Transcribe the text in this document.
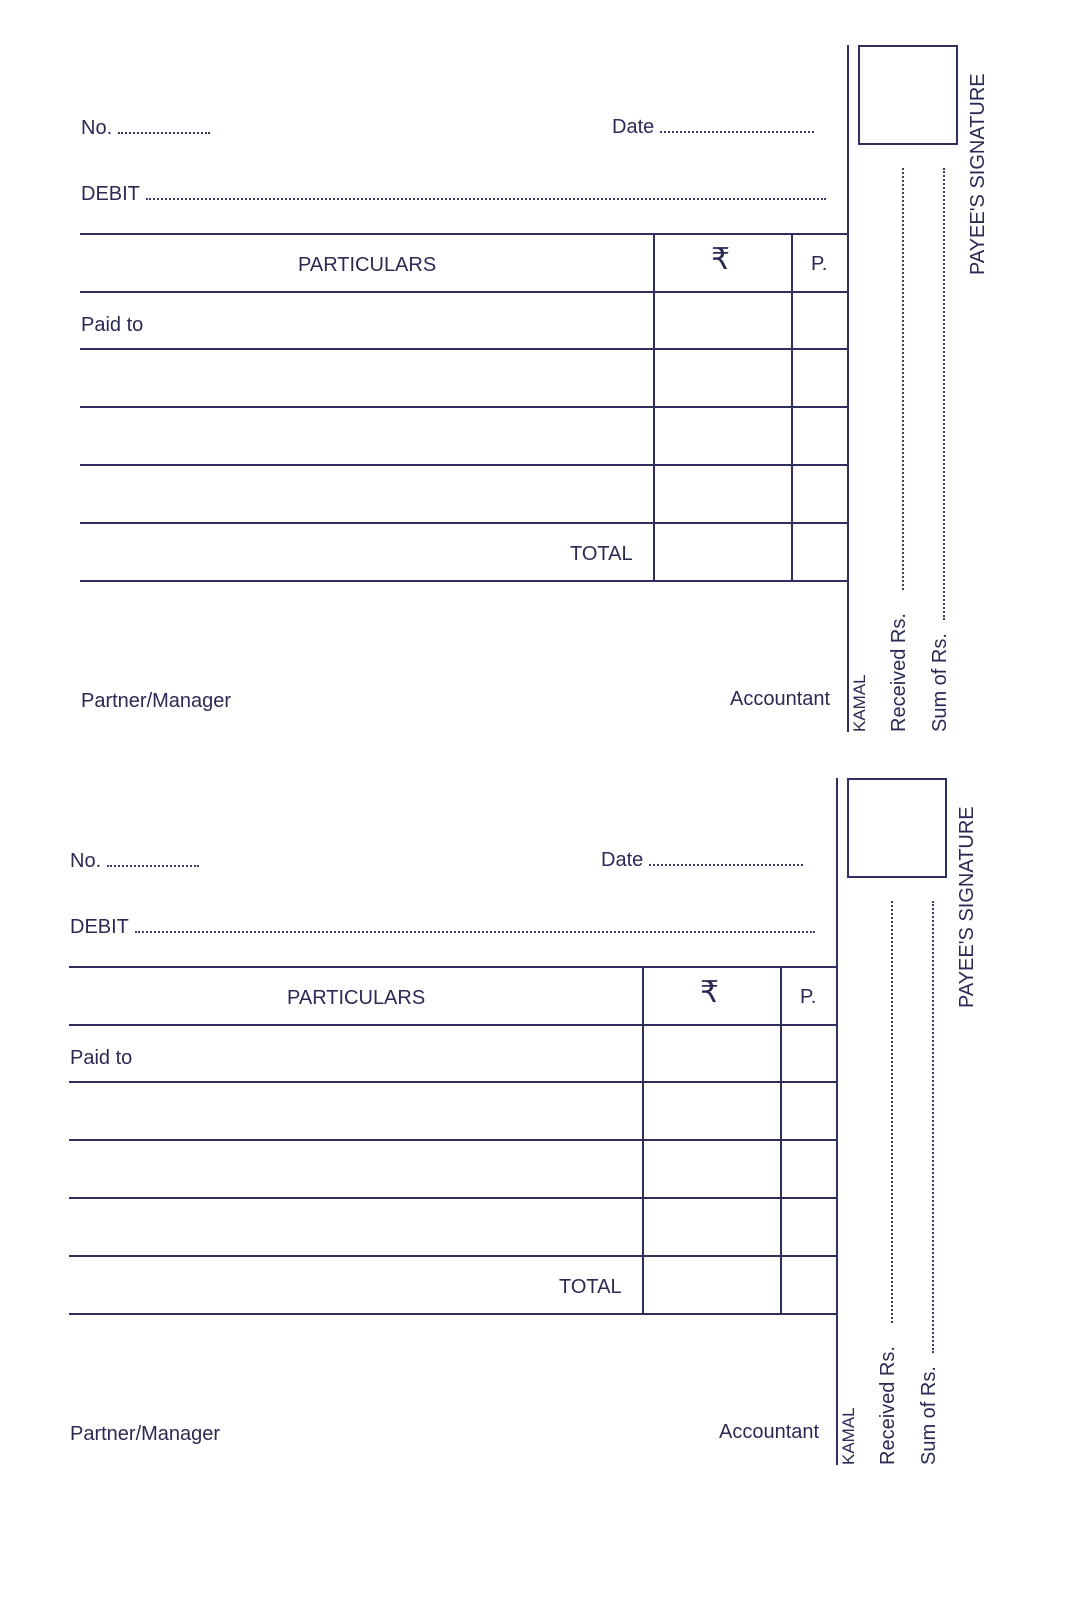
No.	Date
DEBIT
PARTICULARS	₹	P.
Paid to
TOTAL
Partner/Manager	Accountant KAMAL Received Rs. Sum of Rs.
PAYEE'S SIGNATURE
No.	Date
DEBIT
PARTICULARS	₹	P.
Paid to
TOTAL
Partner/Manager	Accountant KAMAL Received Rs. Sum of Rs.
PAYEE'S SIGNATURE
